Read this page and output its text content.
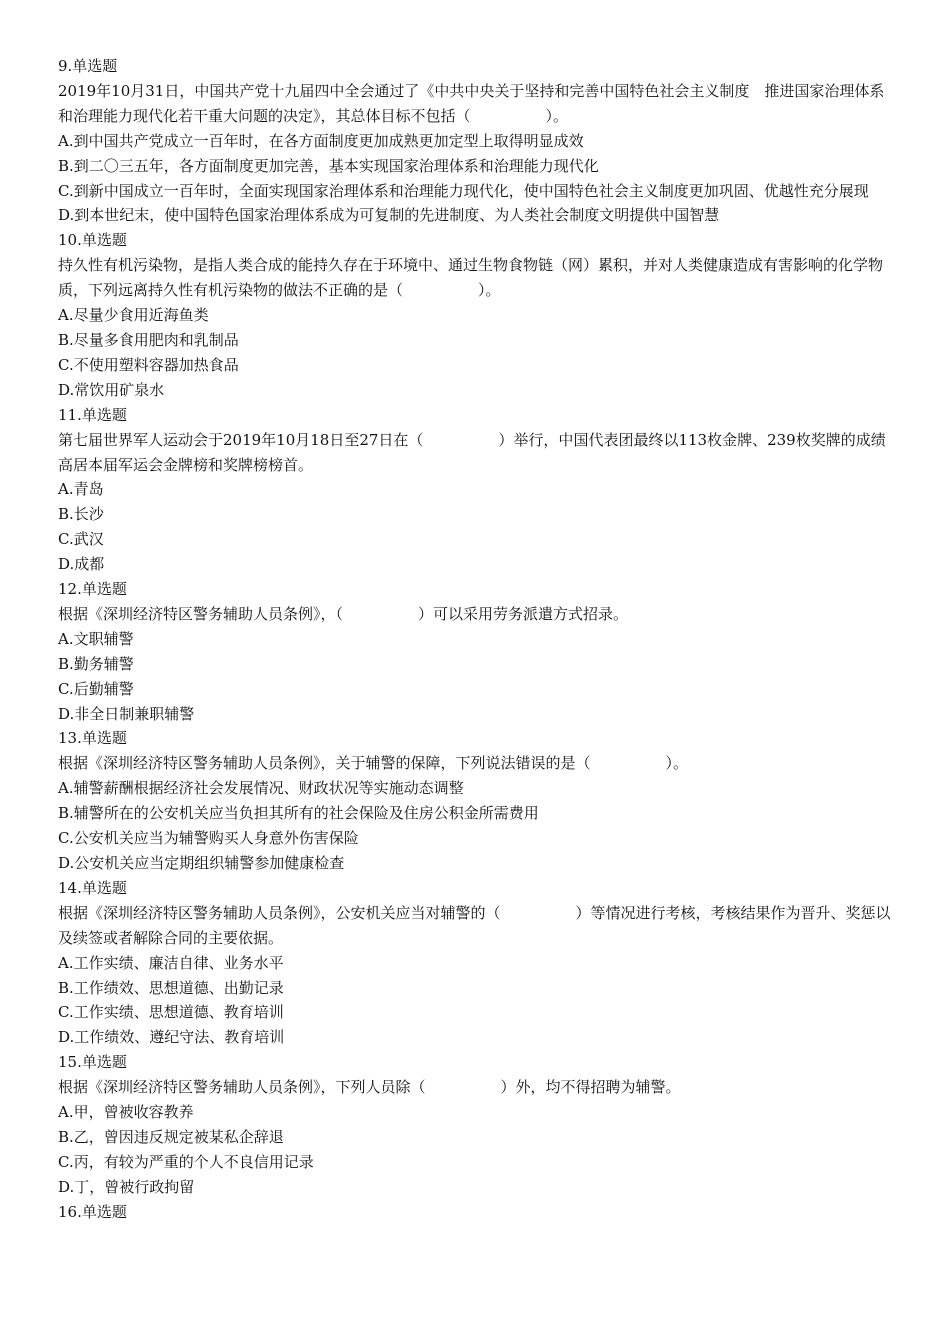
9.单选题
2019年10月31日，中国共产党十九届四中全会通过了《中共中央关于坚持和完善中国特色社会主义制度　推进国家治理体系和治理能力现代化若干重大问题的决定》，其总体目标不包括（　　　　　）。
A.到中国共产党成立一百年时，在各方面制度更加成熟更加定型上取得明显成效
B.到二〇三五年，各方面制度更加完善，基本实现国家治理体系和治理能力现代化
C.到新中国成立一百年时，全面实现国家治理体系和治理能力现代化，使中国特色社会主义制度更加巩固、优越性充分展现
D.到本世纪末，使中国特色国家治理体系成为可复制的先进制度、为人类社会制度文明提供中国智慧
10.单选题
持久性有机污染物，是指人类合成的能持久存在于环境中、通过生物食物链（网）累积，并对人类健康造成有害影响的化学物质，下列远离持久性有机污染物的做法不正确的是（　　　　　）。
A.尽量少食用近海鱼类
B.尽量多食用肥肉和乳制品
C.不使用塑料容器加热食品
D.常饮用矿泉水
11.单选题
第七届世界军人运动会于2019年10月18日至27日在（　　　　　）举行，中国代表团最终以113枚金牌、239枚奖牌的成绩高居本届军运会金牌榜和奖牌榜榜首。
A.青岛
B.长沙
C.武汉
D.成都
12.单选题
根据《深圳经济特区警务辅助人员条例》，（　　　　　）可以采用劳务派遣方式招录。
A.文职辅警
B.勤务辅警
C.后勤辅警
D.非全日制兼职辅警
13.单选题
根据《深圳经济特区警务辅助人员条例》，关于辅警的保障，下列说法错误的是（　　　　　）。
A.辅警薪酬根据经济社会发展情况、财政状况等实施动态调整
B.辅警所在的公安机关应当负担其所有的社会保险及住房公积金所需费用
C.公安机关应当为辅警购买人身意外伤害保险
D.公安机关应当定期组织辅警参加健康检查
14.单选题
根据《深圳经济特区警务辅助人员条例》，公安机关应当对辅警的（　　　　　）等情况进行考核，考核结果作为晋升、奖惩以及续签或者解除合同的主要依据。
A.工作实绩、廉洁自律、业务水平
B.工作绩效、思想道德、出勤记录
C.工作实绩、思想道德、教育培训
D.工作绩效、遵纪守法、教育培训
15.单选题
根据《深圳经济特区警务辅助人员条例》，下列人员除（　　　　　）外，均不得招聘为辅警。
A.甲，曾被收容教养
B.乙，曾因违反规定被某私企辞退
C.丙，有较为严重的个人不良信用记录
D.丁，曾被行政拘留
16.单选题
